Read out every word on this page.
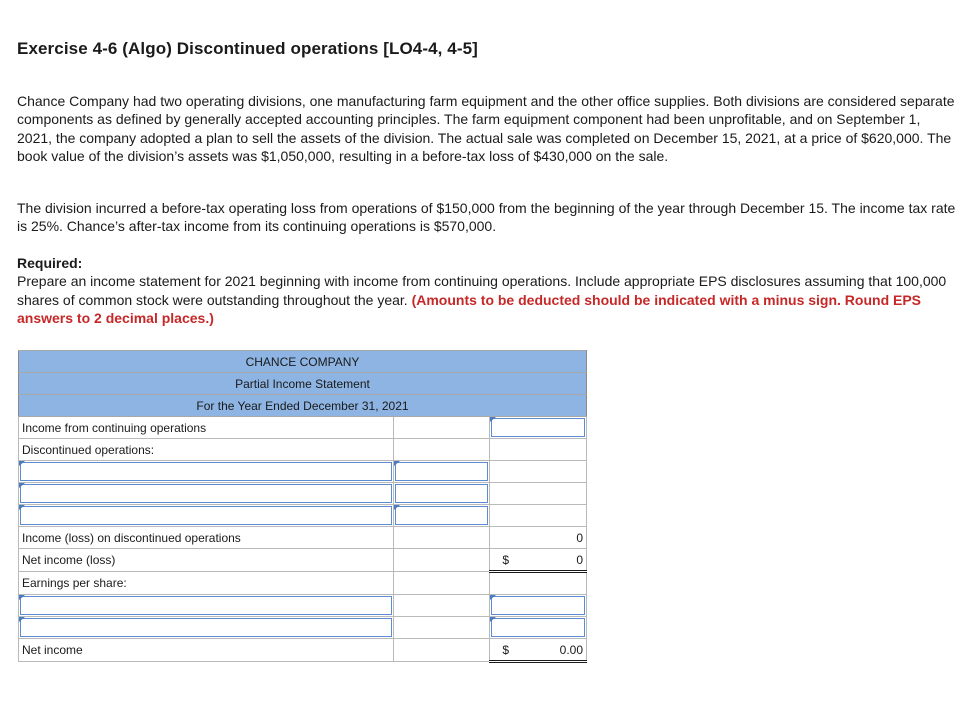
Exercise 4-6 (Algo) Discontinued operations [LO4-4, 4-5]

Chance Company had two operating divisions, one manufacturing farm equipment and the other office supplies. Both divisions are considered separate components as defined by generally accepted accounting principles. The farm equipment component had been unprofitable, and on September 1, 2021, the company adopted a plan to sell the assets of the division. The actual sale was completed on December 15, 2021, at a price of $620,000. The book value of the division’s assets was $1,050,000, resulting in a before-tax loss of $430,000 on the sale.

The division incurred a before-tax operating loss from operations of $150,000 from the beginning of the year through December 15. The income tax rate is 25%. Chance’s after-tax income from its continuing operations is $570,000.

Required:
Prepare an income statement for 2021 beginning with income from continuing operations. Include appropriate EPS disclosures assuming that 100,000 shares of common stock were outstanding throughout the year. (Amounts to be deducted should be indicated with a minus sign. Round EPS answers to 2 decimal places.)
CHANCE COMPANY		
Partial Income Statement		
For the Year Ended December 31, 2021		
Income from continuing operations		

Discontinued operations:		

Income (loss) on discontinued operations		0

Net income (loss)		$ 0

Earnings per share:		

Net income		$ 0.00
